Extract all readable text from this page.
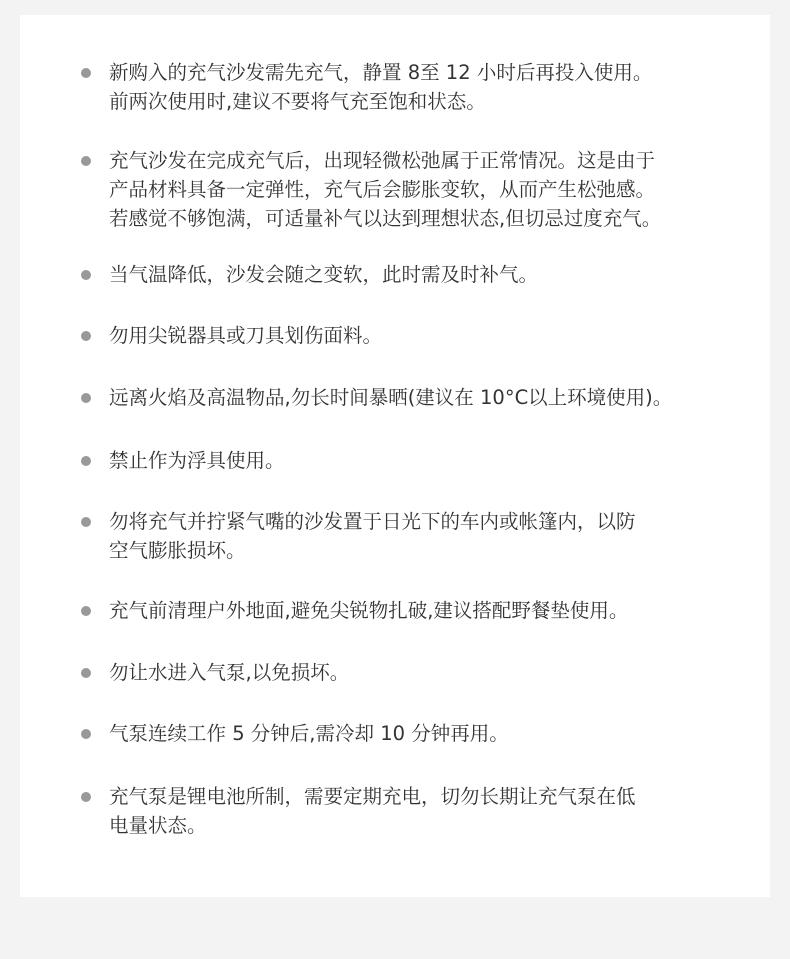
新购入的充气沙发需先充气，静置 8至 12 小时后再投入使用。
前两次使用时,建议不要将气充至饱和状态。
充气沙发在完成充气后，出现轻微松弛属于正常情况。这是由于
产品材料具备一定弹性，充气后会膨胀变软，从而产生松弛感。
若感觉不够饱满，可适量补气以达到理想状态,但切忌过度充气。
当气温降低，沙发会随之变软，此时需及时补气。
勿用尖锐器具或刀具划伤面料。
远离火焰及高温物品,勿长时间暴晒(建议在 10°C以上环境使用)。
禁止作为浮具使用。
勿将充气并拧紧气嘴的沙发置于日光下的车内或帐篷内，以防
空气膨胀损坏。
充气前清理户外地面,避免尖锐物扎破,建议搭配野餐垫使用。
勿让水进入气泵,以免损坏。
气泵连续工作 5 分钟后,需冷却 10 分钟再用。
充气泵是锂电池所制，需要定期充电，切勿长期让充气泵在低
电量状态。
